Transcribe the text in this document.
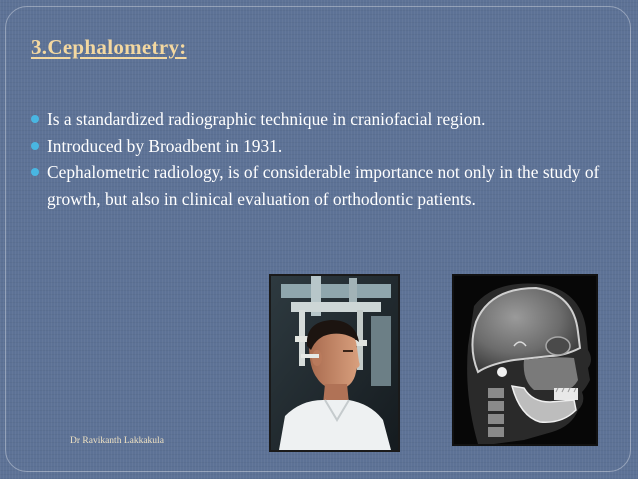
3.Cephalometry:
Is a standardized radiographic technique in craniofacial region.
Introduced by Broadbent in 1931.
Cephalometric radiology, is of considerable importance not only in the study of growth, but also in clinical evaluation of orthodontic patients.
Dr Ravikanth Lakkakula
